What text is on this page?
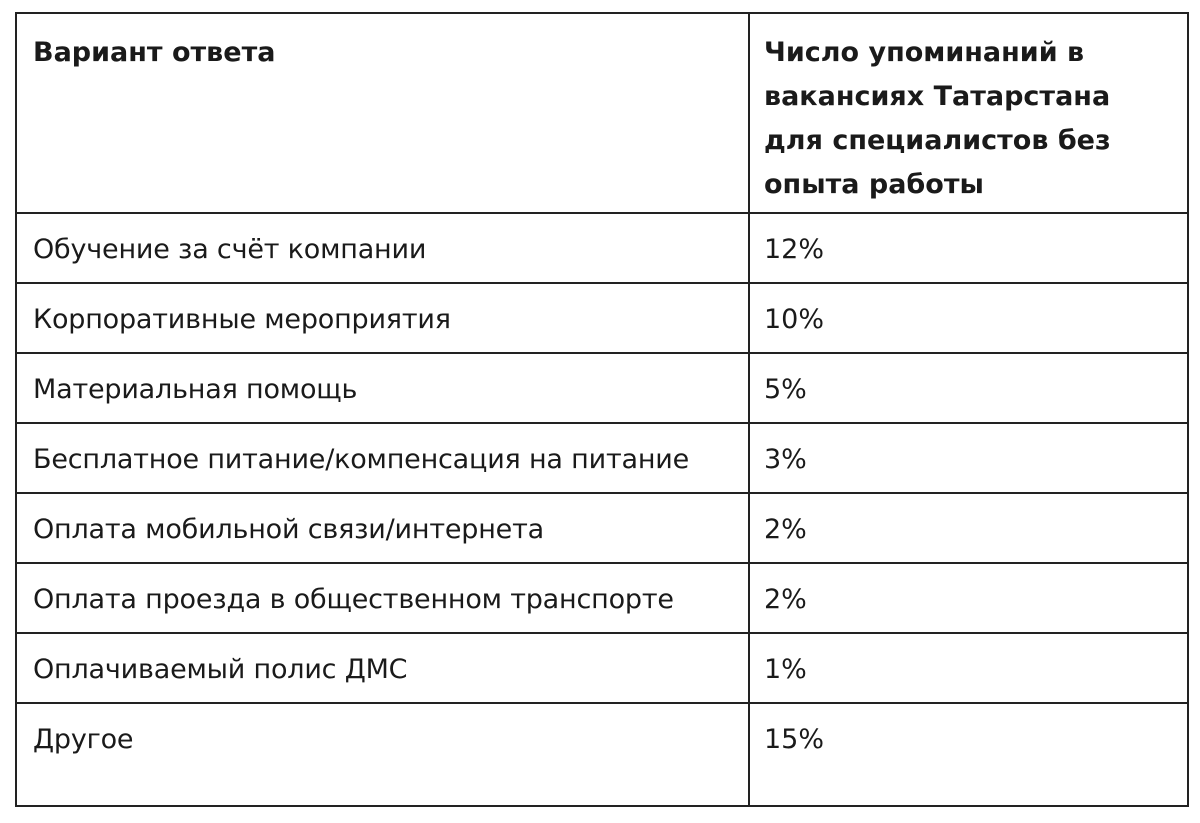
Вариант ответа	Число упоминаний в вакансиях Татарстана для специалистов без опыта работы
Обучение за счёт компании	12%
Корпоративные мероприятия	10%
Материальная помощь	5%
Бесплатное питание/компенсация на питание	3%
Оплата мобильной связи/интернета	2%
Оплата проезда в общественном транспорте	2%
Оплачиваемый полис ДМС	1%
Другое	15%
